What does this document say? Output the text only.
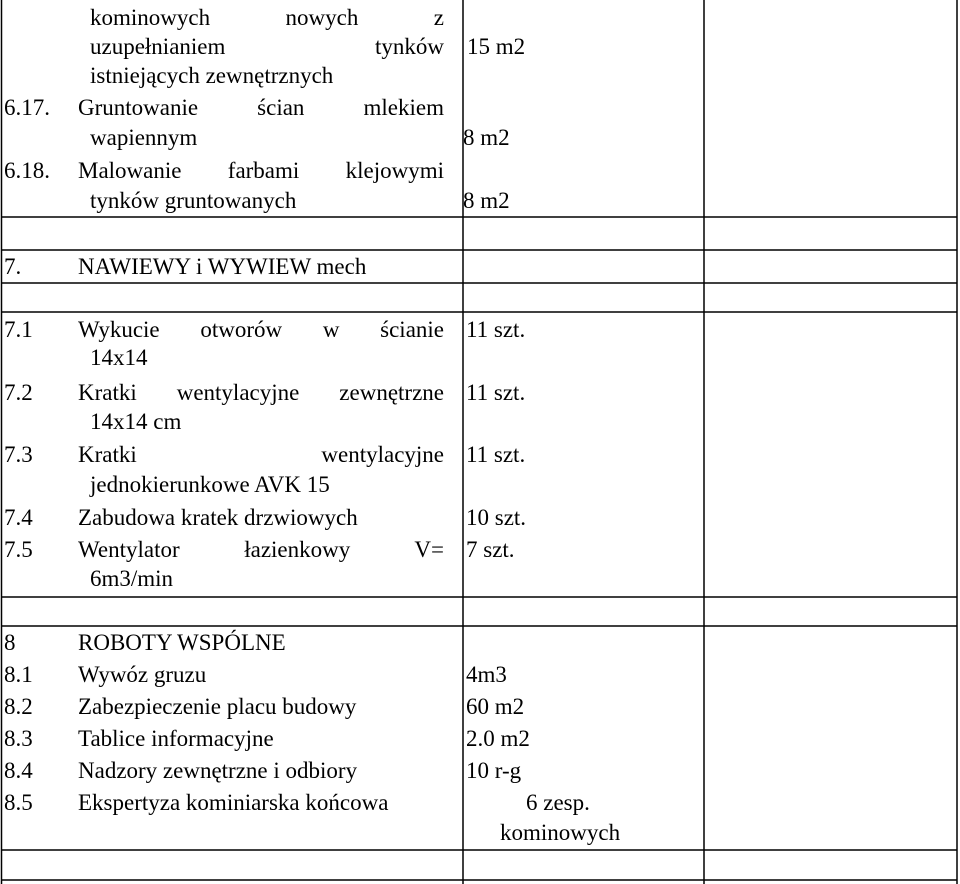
kominowych nowych z
uzupełnianiem tynków 15 m2
istniejących zewnętrznych
6.17. Gruntowanie ścian mlekiem
wapiennym	8 m2
6.18. Malowanie farbami klejowymi
tynków gruntowanych	8 m2
7. NAWIEWY i WYWIEW mech
7.1 Wykucie otworów w ścianie 11 szt.
14x14
7.2 Kratki wentylacyjne zewnętrzne 11 szt.
14x14 cm
7.3 Kratki wentylacyjne 11 szt.
jednokierunkowe AVK 15
7.4 Zabudowa kratek drzwiowych	10 szt.
7.5 Wentylator łazienkowy V= 7 szt.
6m3/min
8	ROBOTY WSPÓLNE
8.1 Wywóz gruzu	4m3
8.2 Zabezpieczenie placu budowy	60 m2
8.3 Tablice informacyjne	2.0 m2
8.4 Nadzory zewnętrzne i odbiory	10 r-g
8.5 Ekspertyza kominiarska końcowa	6 zesp.
kominowych
